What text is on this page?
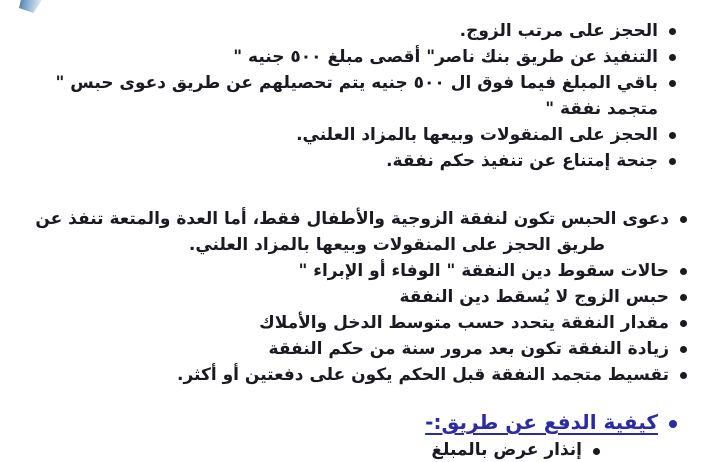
الحجز على مرتب الزوج.
التنفيذ عن طريق بنك ناصر" أقصى مبلغ ٥٠٠ جنيه "
باقي المبلغ فيما فوق ال ٥٠٠ جنيه يتم تحصيلهم عن طريق دعوى حبس " متجمد نفقة "
الحجز على المنقولات وبيعها بالمزاد العلني.
جنحة إمتناع عن تنفيذ حكم نفقة.
دعوى الحبس تكون لنفقة الزوجية والأطفال فقط، أما العدة والمتعة تنفذ عن طريق الحجز على المنقولات وبيعها بالمزاد العلني.
حالات سقوط دين النفقة " الوفاء أو الإبراء "
حبس الزوج لا يُسقط دين النفقة
مقدار النفقة يتحدد حسب متوسط الدخل والأملاك
زيادة النفقة تكون بعد مرور سنة من حكم النفقة
تقسيط متجمد النفقة قبل الحكم يكون على دفعتين أو أكثر.
كيفية الدفع عن طريق:-
إنذار عرض بالمبلغ
